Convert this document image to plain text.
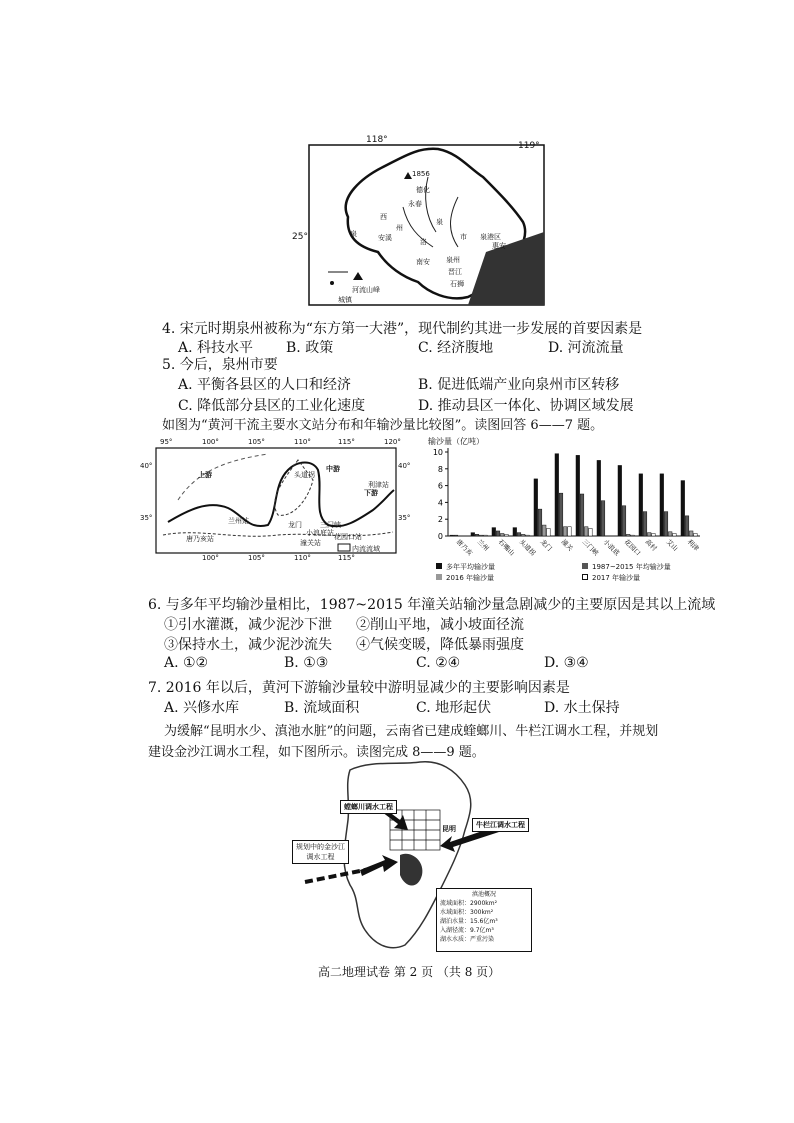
118°
119°
25°
1856
德化
永春
西
安溪
州
泉
洛
南安 泉州
市 泉港区
惠安
晋江
石狮
泉
河流
城镇
山峰
4. 宋元时期泉州被称为“东方第一大港”，现代制约其进一步发展的首要因素是
A. 科技水平 B. 政策	C. 经济腹地	D. 河流流量
5. 今后，泉州市要
A. 平衡各县区的人口和经济	B. 促进低端产业向泉州市区转移
C. 降低部分县区的工业化速度	D. 推动县区一体化、协调区域发展
如图为“黄河干流主要水文站分布和年输沙量比较图”。读图回答 6——7 题。
95°	100°	105°	110°	115°	120°
100°	105°	110°	115°
40°
35°
40°
35°
上游
中游
下游
头道拐
利津站
潼关站
兰州站
唐乃亥站
龙门	三门峡
花园口站
小浪底站
内流流域
输沙量（亿吨）
0
2
4
6
8
10
唐乃亥 兰州 石嘴山 头道拐 龙门 潼关 三门峡 小浪底 花园口 高村 艾山 利津
多年平均输沙量	1987~2015 年均输沙量
2016 年输沙量	2017 年输沙量
6. 与多年平均输沙量相比，1987~2015 年潼关站输沙量急剧减少的主要原因是其以上流域
①引水灌溉，减少泥沙下泄 ②削山平地，减小坡面径流
③保持水土，减少泥沙流失 ④气候变暖，降低暴雨强度
A. ①②	B. ①③	C. ②④	D. ③④
7. 2016 年以后，黄河下游输沙量较中游明显减少的主要影响因素是
A. 兴修水库	B. 流域面积	C. 地形起伏	D. 水土保持
为缓解“昆明水少、滇池水脏”的问题，云南省已建成蝰螂川、牛栏江调水工程，并规划
建设金沙江调水工程，如下图所示。读图完成 8——9 题。
螳螂川调水工程
牛栏江调水工程
规划中的金沙江
调水工程
昆明
滇池概况
流域面积：2900km²
水域面积：300km²
湖泊水量：15.6亿m³
入湖径流：9.7亿m³
湖水水质：严重污染
高二地理试卷 第 2 页 （共 8 页）
